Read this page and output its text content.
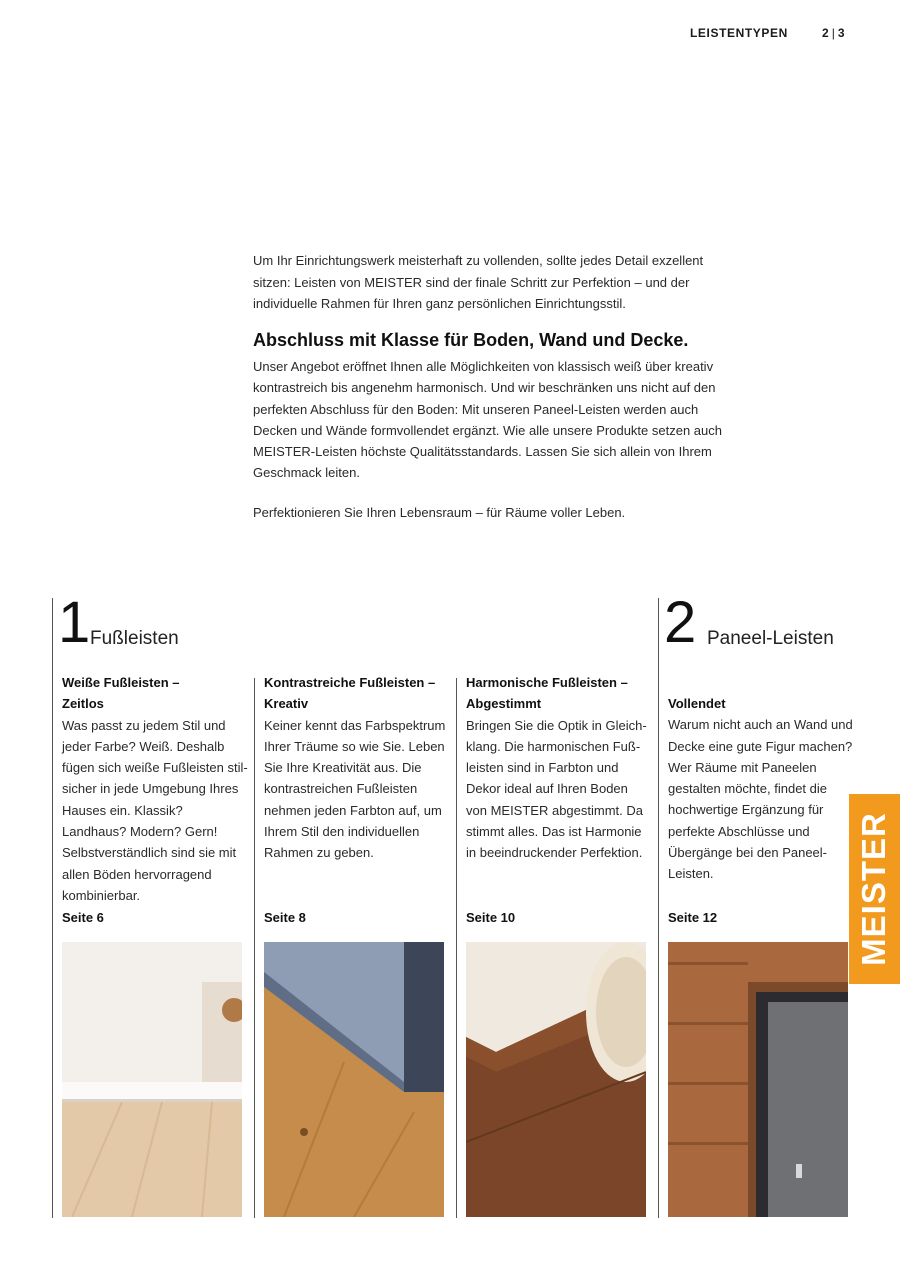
LEISTENTYPEN	2 | 3

Um Ihr Einrichtungswerk meisterhaft zu vollenden, sollte jedes Detail exzellent sitzen: Leisten von MEISTER sind der finale Schritt zur Perfektion – und der individuelle Rahmen für Ihren ganz persönlichen Einrichtungsstil.

Abschluss mit Klasse für Boden, Wand und Decke.

Unser Angebot eröffnet Ihnen alle Möglichkeiten von klassisch weiß über kreativ kontrastreich bis angenehm harmonisch. Und wir beschränken uns nicht auf den perfekten Abschluss für den Boden: Mit unseren Paneel-Leisten werden auch Decken und Wände formvollendet ergänzt. Wie alle unsere Produkte setzen auch MEISTER-Leisten höchste Qualitätsstandards. Lassen Sie sich allein von Ihrem Geschmack leiten.

Perfektionieren Sie Ihren Lebensraum – für Räume voller Leben.

1 Fußleisten	2 Paneel-Leisten
Weiße Fußleisten –
Zeitlos
Was passt zu jedem Stil und jeder Farbe? Weiß. Deshalb fügen sich weiße Fußleisten stilsicher in jede Umgebung Ihres Hauses ein. Klassik? Landhaus? Modern? Gern! Selbstverständlich sind sie mit allen Böden hervorragend kombinierbar.
Seite 6
Kontrastreiche Fußleisten –
Kreativ
Keiner kennt das Farbspektrum Ihrer Träume so wie Sie. Leben Sie Ihre Kreativität aus. Die kontrastreichen Fußleisten nehmen jeden Farbton auf, um Ihrem Stil den individuellen Rahmen zu geben.
Seite 8
Harmonische Fußleisten –
Abgestimmt
Bringen Sie die Optik in Gleichklang. Die harmonischen Fußleisten sind in Farbton und Dekor ideal auf Ihren Boden von MEISTER abgestimmt. Da stimmt alles. Das ist Harmonie in beeindruckender Perfektion.
Seite 10
Vollendet
Warum nicht auch an Wand und Decke eine gute Figur machen? Wer Räume mit Paneelen gestalten möchte, findet die hochwertige Ergänzung für perfekte Abschlüsse und Übergänge bei den Paneel-Leisten.
Seite 12	MEISTER
